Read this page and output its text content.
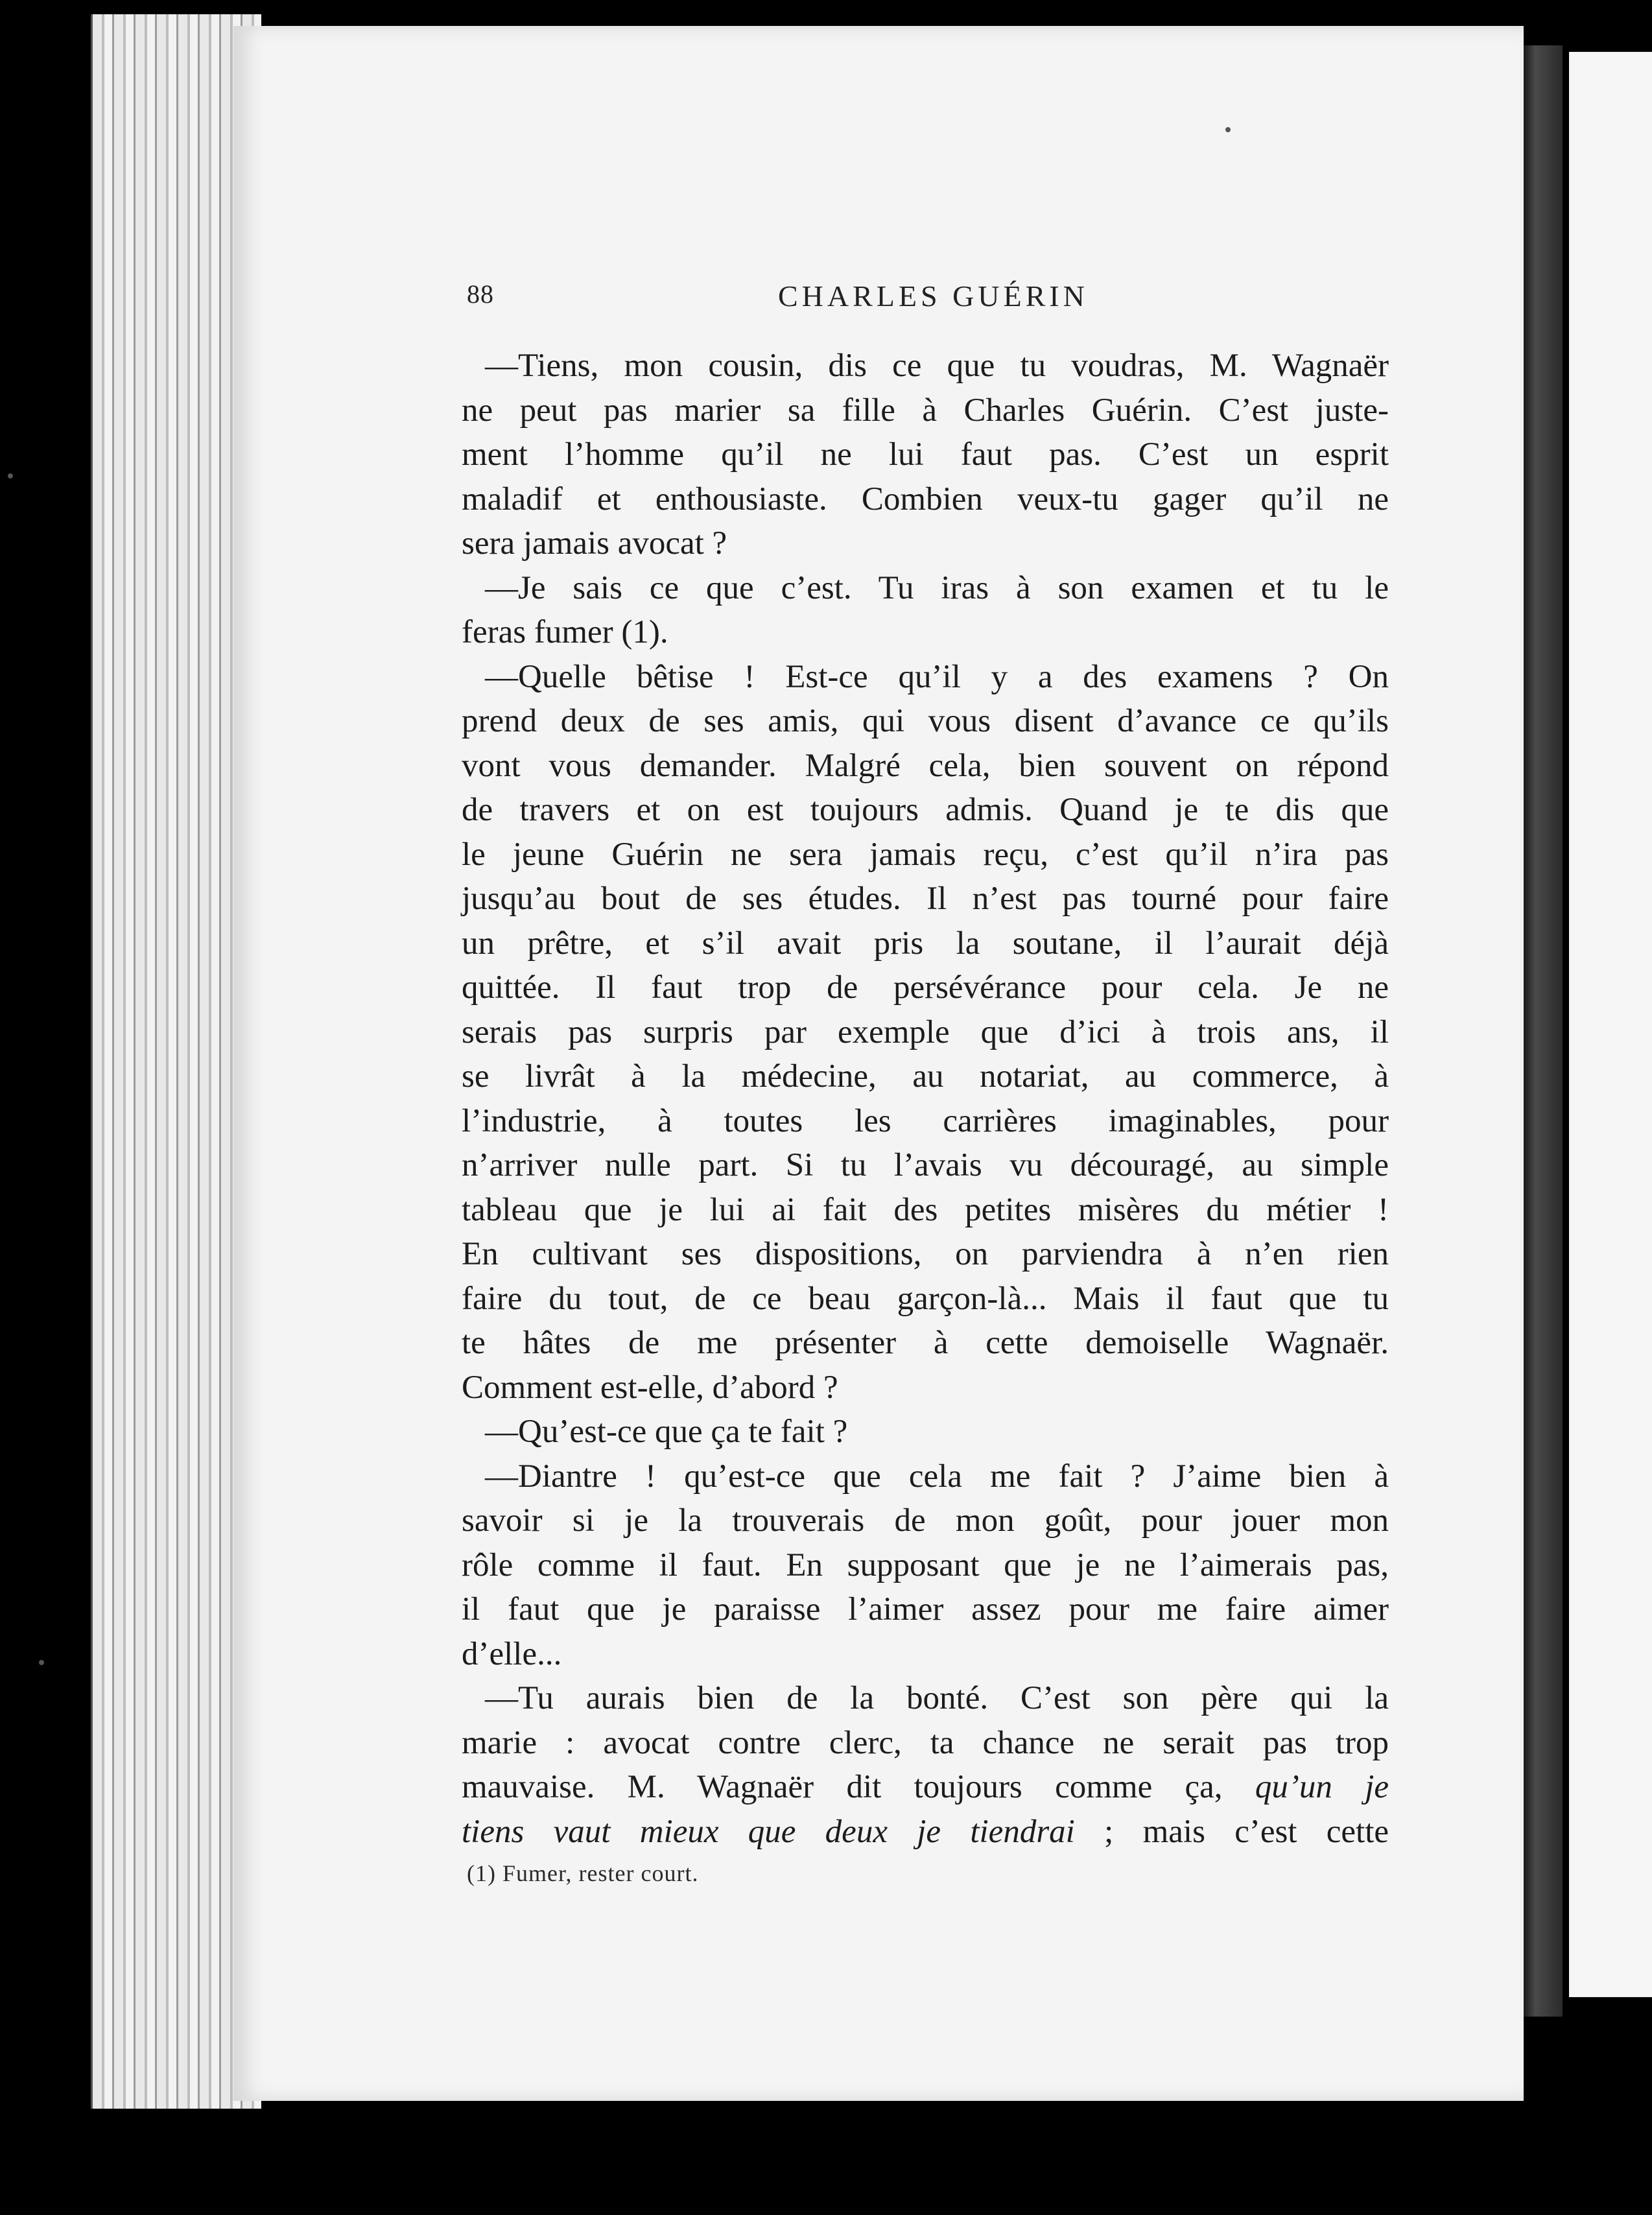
88	CHARLES GUÉRIN
—Tiens, mon cousin, dis ce que tu voudras, M. Wagnaër
ne peut pas marier sa fille à Charles Guérin. C’est juste-
ment l’homme qu’il ne lui faut pas. C’est un esprit
maladif et enthousiaste. Combien veux-tu gager qu’il ne
sera jamais avocat ?
—Je sais ce que c’est. Tu iras à son examen et tu le
feras fumer (1).
—Quelle bêtise ! Est-ce qu’il y a des examens ? On
prend deux de ses amis, qui vous disent d’avance ce qu’ils
vont vous demander. Malgré cela, bien souvent on répond
de travers et on est toujours admis. Quand je te dis que
le jeune Guérin ne sera jamais reçu, c’est qu’il n’ira pas
jusqu’au bout de ses études. Il n’est pas tourné pour faire
un prêtre, et s’il avait pris la soutane, il l’aurait déjà
quittée. Il faut trop de persévérance pour cela. Je ne
serais pas surpris par exemple que d’ici à trois ans, il
se livrât à la médecine, au notariat, au commerce, à
l’industrie, à toutes les carrières imaginables, pour
n’arriver nulle part. Si tu l’avais vu découragé, au simple
tableau que je lui ai fait des petites misères du métier !
En cultivant ses dispositions, on parviendra à n’en rien
faire du tout, de ce beau garçon-là... Mais il faut que tu
te hâtes de me présenter à cette demoiselle Wagnaër.
Comment est-elle, d’abord ?
—Qu’est-ce que ça te fait ?
—Diantre ! qu’est-ce que cela me fait ? J’aime bien à
savoir si je la trouverais de mon goût, pour jouer mon
rôle comme il faut. En supposant que je ne l’aimerais pas,
il faut que je paraisse l’aimer assez pour me faire aimer
d’elle...
—Tu aurais bien de la bonté. C’est son père qui la
marie : avocat contre clerc, ta chance ne serait pas trop
mauvaise. M. Wagnaër dit toujours comme ça, qu’un je
tiens vaut mieux que deux je tiendrai ; mais c’est cette
(1) Fumer, rester court.
